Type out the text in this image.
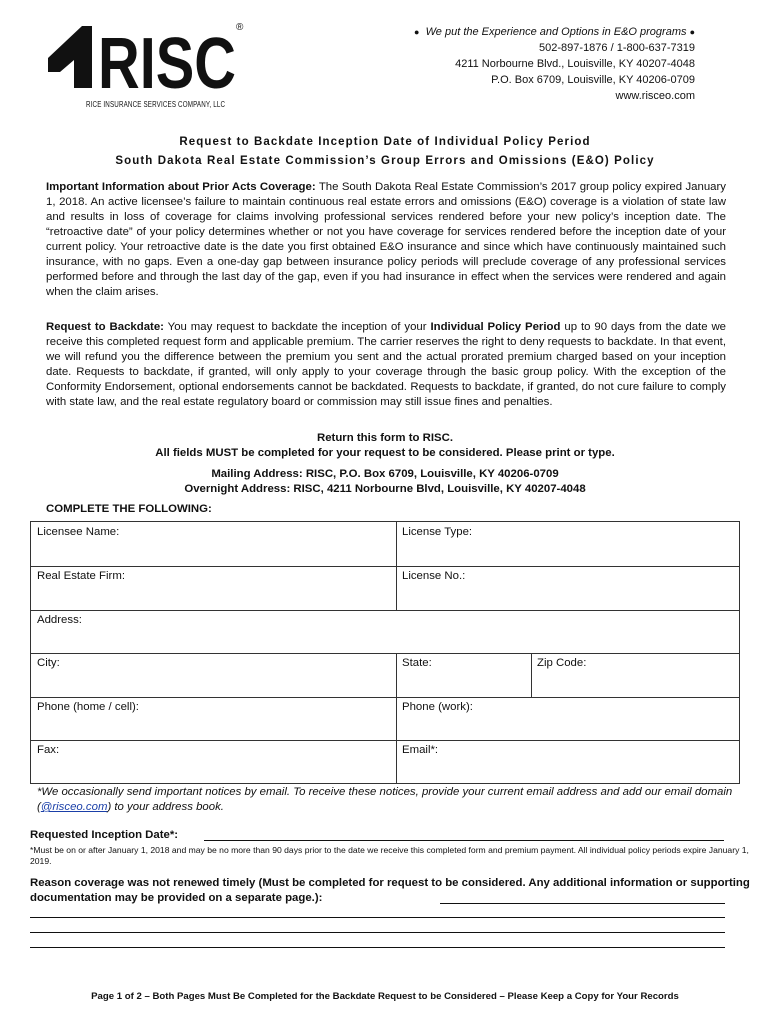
RISC ®
RICE INSURANCE SERVICES COMPANY, LLC
● We put the Experience and Options in E&O programs ●
502-897-1876 / 1-800-637-7319
4211 Norbourne Blvd., Louisville, KY 40207-4048
P.O. Box 6709, Louisville, KY 40206-0709
www.risceo.com
Request to Backdate Inception Date of Individual Policy Period
South Dakota Real Estate Commission’s Group Errors and Omissions (E&O) Policy
Important Information about Prior Acts Coverage: The South Dakota Real Estate Commission’s 2017 group policy expired January 1, 2018. An active licensee’s failure to maintain continuous real estate errors and omissions (E&O) coverage is a violation of state law and results in loss of coverage for claims involving professional services rendered before your new policy’s inception date. The “retroactive date” of your policy determines whether or not you have coverage for services rendered before the inception date of your current policy. Your retroactive date is the date you first obtained E&O insurance and since which have continuously maintained such insurance, with no gaps. Even a one-day gap between insurance policy periods will preclude coverage of any professional services performed before and through the last day of the gap, even if you had insurance in effect when the services were rendered and again when the claim arises.
Request to Backdate: You may request to backdate the inception of your Individual Policy Period up to 90 days from the date we receive this completed request form and applicable premium. The carrier reserves the right to deny requests to backdate. In that event, we will refund you the difference between the premium you sent and the actual prorated premium charged based on your inception date. Requests to backdate, if granted, will only apply to your coverage through the basic group policy. With the exception of the Conformity Endorsement, optional endorsements cannot be backdated. Requests to backdate, if granted, do not cure failure to comply with state law, and the real estate regulatory board or commission may still issue fines and penalties.
Return this form to RISC.
All fields MUST be completed for your request to be considered. Please print or type.
Mailing Address: RISC, P.O. Box 6709, Louisville, KY 40206-0709
Overnight Address: RISC, 4211 Norbourne Blvd, Louisville, KY 40207-4048
COMPLETE THE FOLLOWING:
Licensee Name:	License Type:
Real Estate Firm:	License No.:
Address:
City:	State:	Zip Code:
Phone (home / cell):	Phone (work):
Fax:	Email*:
*We occasionally send important notices by email. To receive these notices, provide your current email address and add our email domain (@risceo.com) to your address book.
Requested Inception Date*:
*Must be on or after January 1, 2018 and may be no more than 90 days prior to the date we receive this completed form and premium payment. All individual policy periods expire January 1, 2019.
Reason coverage was not renewed timely (Must be completed for request to be considered. Any additional information or supporting documentation may be provided on a separate page.):
Page 1 of 2 – Both Pages Must Be Completed for the Backdate Request to be Considered – Please Keep a Copy for Your Records
